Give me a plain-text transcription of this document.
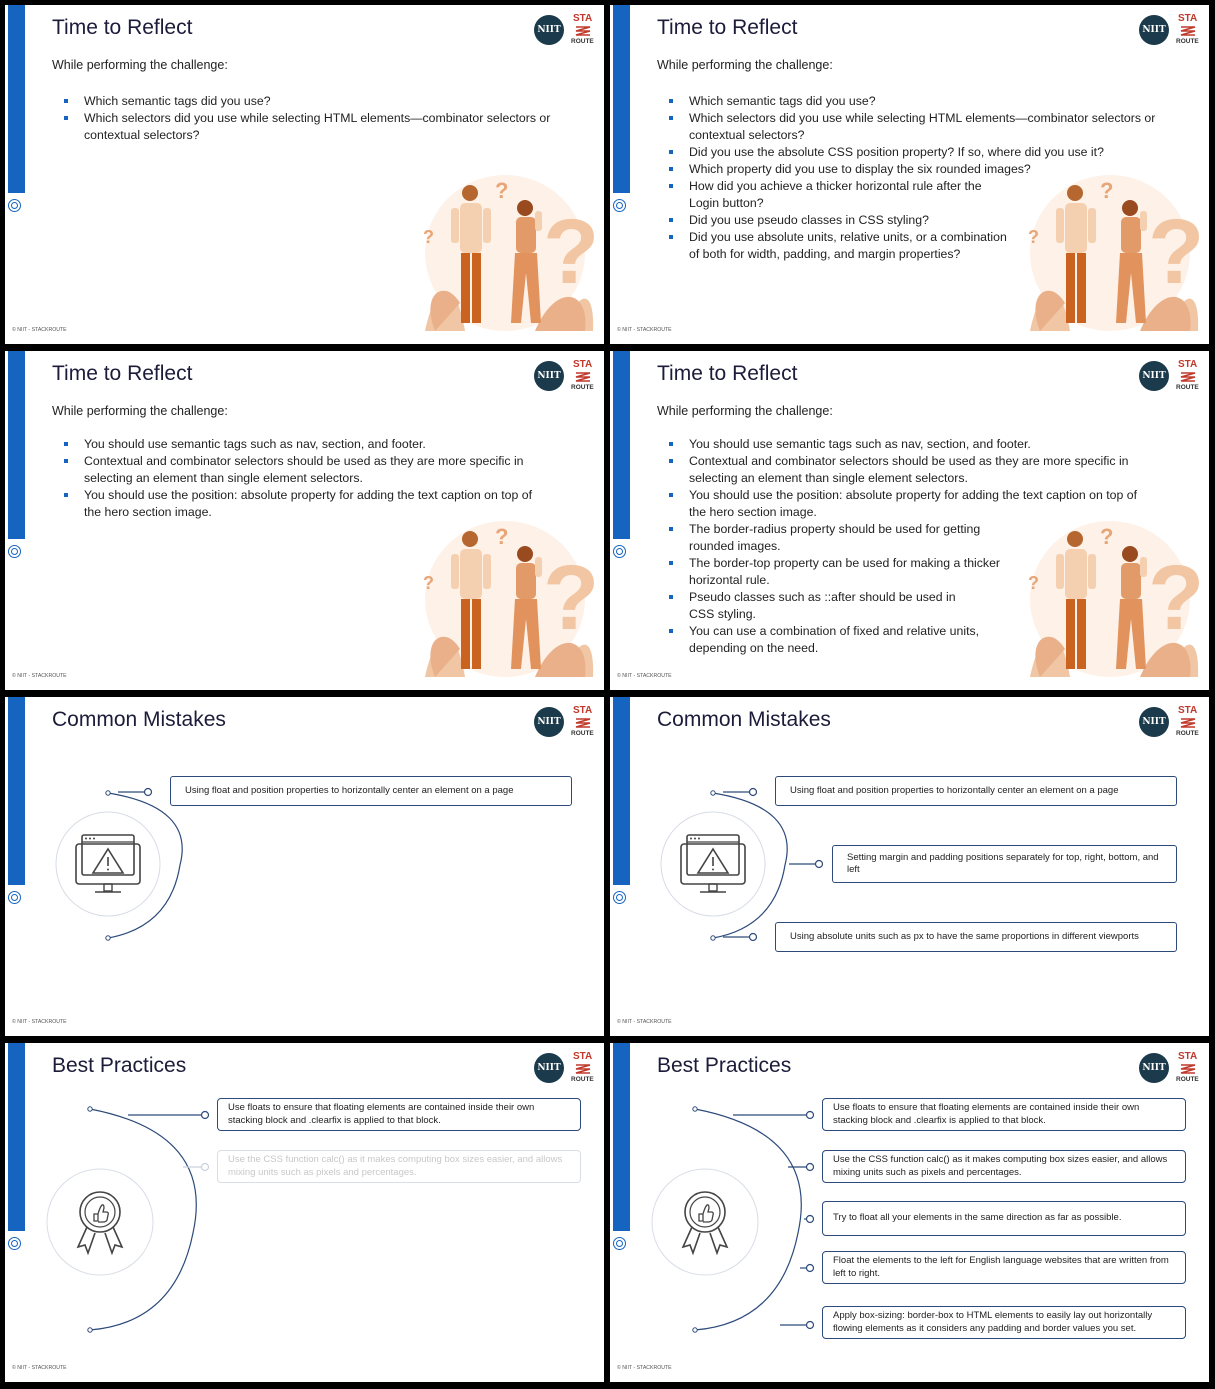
Time to Reflect	NIIT
STA
ROUTE
© NIIT - STACKROUTE
While performing the challenge:
Which semantic tags did you use?
Which selectors did you use while selecting HTML elements—combinator selectors or
contextual selectors?
?
?
?
Time to Reflect	NIIT
STA
ROUTE
© NIIT - STACKROUTE
While performing the challenge:
Which semantic tags did you use?
Which selectors did you use while selecting HTML elements—combinator selectors or
contextual selectors?
Did you use the absolute CSS position property? If so, where did you use it?
Which property did you use to display the six rounded images?
How did you achieve a thicker horizontal rule after the
Login button?
Did you use pseudo classes in CSS styling?
Did you use absolute units, relative units, or a combination
of both for width, padding, and margin properties?	?
?
?
Time to Reflect	NIIT
STA
ROUTE
© NIIT - STACKROUTE
While performing the challenge:
You should use semantic tags such as nav, section, and footer.
Contextual and combinator selectors should be used as they are more specific in
selecting an element than single element selectors.
You should use the position: absolute property for adding the text caption on top of
the hero section image.
?
?
?
Time to Reflect	NIIT
STA
ROUTE
© NIIT - STACKROUTE
While performing the challenge:
You should use semantic tags such as nav, section, and footer.
Contextual and combinator selectors should be used as they are more specific in
selecting an element than single element selectors.
You should use the position: absolute property for adding the text caption on top of
the hero section image.
The border-radius property should be used for getting
rounded images.
The border-top property can be used for making a thicker
horizontal rule.
Pseudo classes such as ::after should be used in
CSS styling.
You can use a combination of fixed and relative units,
depending on the need.	?
?
?
Common Mistakes	NIIT
STA
ROUTE
© NIIT - STACKROUTE
Using float and position properties to horizontally center an element on a page
Common Mistakes	NIIT
STA
ROUTE
© NIIT - STACKROUTE
Using float and position properties to horizontally center an element on a page
Setting margin and padding positions separately for top, right, bottom, and left
Using absolute units such as px to have the same proportions in different viewports
Best Practices	NIIT
STA
ROUTE
© NIIT - STACKROUTE
Use floats to ensure that floating elements are contained inside their own stacking block and .clearfix is applied to that block.
Use the CSS function calc() as it makes computing box sizes easier, and allows mixing units such as pixels and percentages.
Best Practices	NIIT
STA
ROUTE
© NIIT - STACKROUTE
Use floats to ensure that floating elements are contained inside their own stacking block and .clearfix is applied to that block.
Use the CSS function calc() as it makes computing box sizes easier, and allows mixing units such as pixels and percentages.
Try to float all your elements in the same direction as far as possible.
Float the elements to the left for English language websites that are written from left to right.
Apply box-sizing: border-box to HTML elements to easily lay out horizontally flowing elements as it considers any padding and border values you set.
